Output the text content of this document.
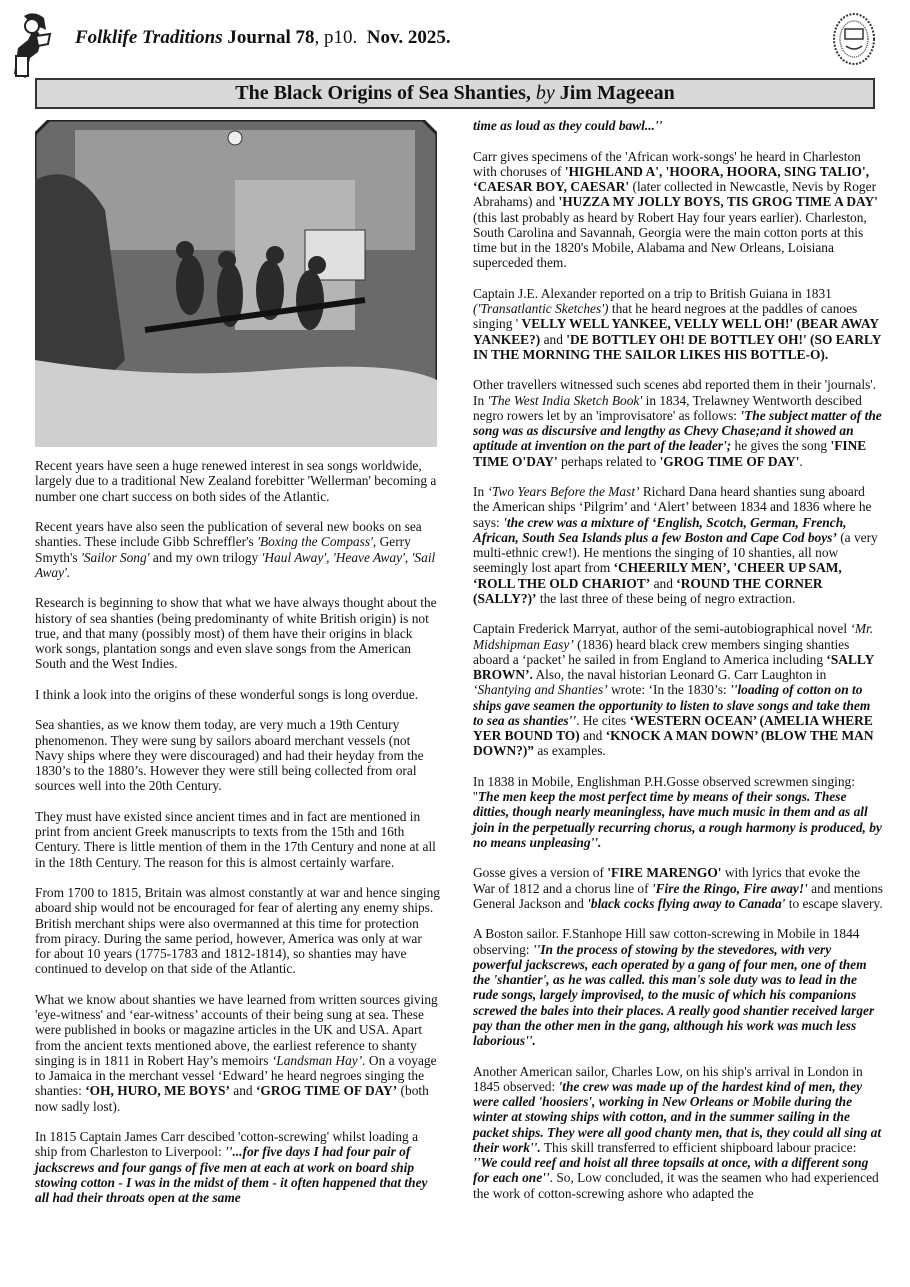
Folklife Traditions Journal 78, p10.  Nov. 2025.
The Black Origins of Sea Shanties, by Jim Mageean

Recent years have seen a huge renewed interest in sea songs worldwide, largely due to a traditional New Zealand forebitter 'Wellerman' becoming a number one chart success on both sides of the Atlantic.

Recent years have also seen the publication of several new books on sea shanties. These include Gibb Schreffler's 'Boxing the Compass', Gerry Smyth's 'Sailor Song' and my own trilogy 'Haul Away', 'Heave Away', 'Sail Away'.

Research is beginning to show that what we have always thought about the history of sea shanties (being predominanty of white British origin) is not true, and that many (possibly most) of them have their origins in black work songs, plantation songs and even slave songs from the American South and the West Indies.

I think a look into the origins of these wonderful songs is long overdue.

Sea shanties, as we know them today, are very much a 19th Century phenomenon. They were sung by sailors aboard merchant vessels (not Navy ships where they were discouraged) and had their heyday from the 1830’s to the 1880’s. However they were still being collected from oral sources well into the 20th Century.

They must have existed since ancient times and in fact are mentioned in print from ancient Greek manuscripts to texts from the 15th and 16th Century. There is little mention of them in the 17th Century and none at all in the 18th Century. The reason for this is almost certainly warfare.

From 1700 to 1815, Britain was almost constantly at war and hence singing aboard ship would not be encouraged for fear of alerting any enemy ships. British merchant ships were also overmanned at this time for protection from piracy. During the same period, however, America was only at war for about 10 years (1775-1783 and 1812-1814), so shanties may have continued to develop on that side of the Atlantic.

What we know about shanties we have learned from written sources giving 'eye-witness' and ‘ear-witness’ accounts of their being sung at sea. These were published in books or magazine articles in the UK and USA. Apart from the ancient texts mentioned above, the earliest reference to shanty singing is in 1811 in Robert Hay’s memoirs ‘Landsman Hay’. On a voyage to Jamaica in the merchant vessel ‘Edward’ he heard negroes singing the shanties: ‘OH, HURO, ME BOYS’ and ‘GROG TIME OF DAY’ (both now sadly lost).

In 1815 Captain James Carr descibed 'cotton-screwing' whilst loading a ship from Charleston to Liverpool: ''...for five days I had four pair of jackscrews and four gangs of five men at each at work on board ship stowing cotton - I was in the midst of them - it often happened that they all had their throats open at the same

time as loud as they could bawl...''

Carr gives specimens of the 'African work-songs' he heard in Charleston with choruses of 'HIGHLAND A', 'HOORA, HOORA, SING TALIO', ‘CAESAR BOY, CAESAR' (later collected in Newcastle, Nevis by Roger Abrahams) and 'HUZZA MY JOLLY BOYS, TIS GROG TIME A DAY' (this last probably as heard by Robert Hay four years earlier). Charleston, South Carolina and Savannah, Georgia were the main cotton ports at this time but in the 1820's Mobile, Alabama and New Orleans, Loisiana superceded them.

Captain J.E. Alexander reported on a trip to British Guiana in 1831 ('Transatlantic Sketches') that he heard negroes at the paddles of canoes singing ' VELLY WELL YANKEE, VELLY WELL OH!' (BEAR AWAY YANKEE?) and 'DE BOTTLEY OH! DE BOTTLEY OH!' (SO EARLY IN THE MORNING THE SAILOR LIKES HIS BOTTLE-O).

Other travellers witnessed such scenes abd reported them in their 'journals'. In 'The West India Sketch Book' in 1834, Trelawney Wentworth descibed negro rowers let by an 'improvisatore' as follows: 'The subject matter of the song was as discursive and lengthy as Chevy Chase;and it showed an aptitude at invention on the part of the leader'; he gives the song 'FINE TIME O'DAY' perhaps related to 'GROG TIME OF DAY'.

In ‘Two Years Before the Mast’ Richard Dana heard shanties sung aboard the American ships ‘Pilgrim’ and ‘Alert’ between 1834 and 1836 where he says: 'the crew was a mixture of ‘English, Scotch, German, French, African, South Sea Islands plus a few Boston and Cape Cod boys’ (a very multi-ethnic crew!). He mentions the singing of 10 shanties, all now seemingly lost apart from ‘CHEERILY MEN’, 'CHEER UP SAM, ‘ROLL THE OLD CHARIOT’ and ‘ROUND THE CORNER (SALLY?)’ the last three of these being of negro extraction.

Captain Frederick Marryat, author of the semi-autobiographical novel ‘Mr. Midshipman Easy’ (1836) heard black crew members singing shanties aboard a ‘packet’ he sailed in from England to America including ‘SALLY BROWN’. Also, the naval historian Leonard G. Carr Laughton in ‘Shantying and Shanties’ wrote: ‘In the 1830’s: ''loading of cotton on to ships gave seamen the opportunity to listen to slave songs and take them to sea as shanties''. He cites ‘WESTERN OCEAN’ (AMELIA WHERE YER BOUND TO) and ‘KNOCK A MAN DOWN’ (BLOW THE MAN DOWN?)” as examples.

In 1838 in Mobile, Englishman P.H.Gosse observed screwmen singing: ''The men keep the most perfect time by means of their songs. These ditties, though nearly meaningless, have much music in them and as all join in the perpetually recurring chorus, a rough harmony is produced, by no means unpleasing''.

Gosse gives a version of 'FIRE MARENGO' with lyrics that evoke the War of 1812 and a chorus line of 'Fire the Ringo, Fire away!' and mentions General Jackson and 'black cocks flying away to Canada' to escape slavery.

A Boston sailor. F.Stanhope Hill saw cotton-screwing in Mobile in 1844 observing: ''In the process of stowing by the stevedores, with very powerful jackscrews, each operated by a gang of four men, one of them the 'shantier', as he was called. this man's sole duty was to lead in the rude songs, largely improvised, to the music of which his companions screwed the bales into their places. A really good shantier received larger pay than the other men in the gang, although his work was much less laborious''.

Another American sailor, Charles Low, on his ship's arrival in London in 1845 observed: 'the crew was made up of the hardest kind of men, they were called 'hoosiers', working in New Orleans or Mobile during the winter at stowing ships with cotton, and in the summer sailing in the packet ships. They were all good chanty men, that is, they could all sing at their work''. This skill transferred to efficient shipboard labour pracice: ''We could reef and hoist all three topsails at once, with a different song for each one''. So, Low concluded, it was the seamen who had experienced the work of cotton-screwing ashore who adapted the
